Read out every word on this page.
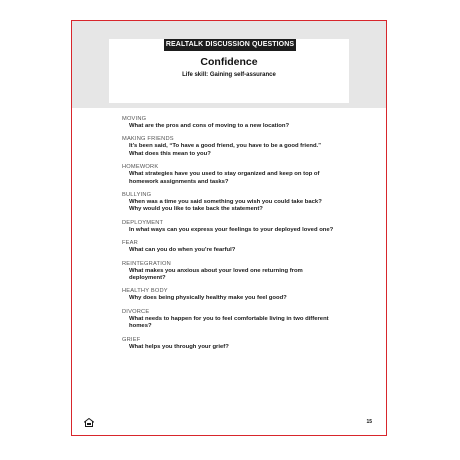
REALTALK DISCUSSION QUESTIONS
Confidence
Life skill: Gaining self-assurance
MOVING
What are the pros and cons of moving to a new location?
MAKING FRIENDS
It’s been said, “To have a good friend, you have to be a good friend.”
What does this mean to you?
HOMEWORK
What strategies have you used to stay organized and keep on top of
homework assignments and tasks?
BULLYING
When was a time you said something you wish you could take back?
Why would you like to take back the statement?
DEPLOYMENT
In what ways can you express your feelings to your deployed loved one?
FEAR
What can you do when you’re fearful?
REINTEGRATION
What makes you anxious about your loved one returning from
deployment?
HEALTHY BODY
Why does being physically healthy make you feel good?
DIVORCE
What needs to happen for you to feel comfortable living in two different
homes?
GRIEF
What helps you through your grief?
15
